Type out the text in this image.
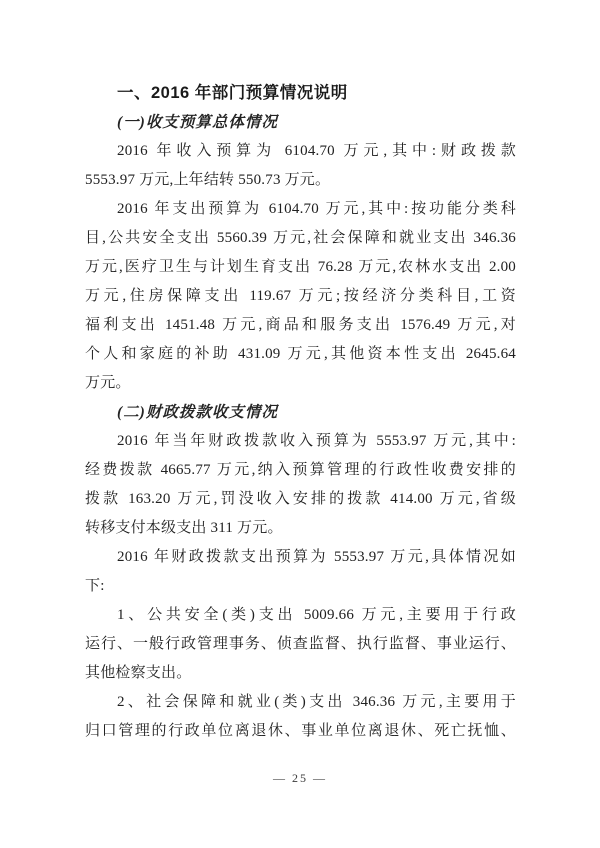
一、2016 年部门预算情况说明
(一)收支预算总体情况
2016 年收入预算为 6104.70 万元,其中:财政拨款
5553.97 万元,上年结转 550.73 万元。
2016 年支出预算为 6104.70 万元,其中:按功能分类科
目,公共安全支出 5560.39 万元,社会保障和就业支出 346.36
万元,医疗卫生与计划生育支出 76.28 万元,农林水支出 2.00
万元,住房保障支出 119.67 万元;按经济分类科目,工资
福利支出 1451.48 万元,商品和服务支出 1576.49 万元,对
个人和家庭的补助 431.09 万元,其他资本性支出 2645.64
万元。
(二)财政拨款收支情况
2016 年当年财政拨款收入预算为 5553.97 万元,其中:
经费拨款 4665.77 万元,纳入预算管理的行政性收费安排的
拨款 163.20 万元,罚没收入安排的拨款 414.00 万元,省级
转移支付本级支出 311 万元。
2016 年财政拨款支出预算为 5553.97 万元,具体情况如
下:
1、公共安全(类)支出 5009.66 万元,主要用于行政
运行、一般行政管理事务、侦查监督、执行监督、事业运行、
其他检察支出。
2、社会保障和就业(类)支出 346.36 万元,主要用于
归口管理的行政单位离退休、事业单位离退休、死亡抚恤、
— 25 —
